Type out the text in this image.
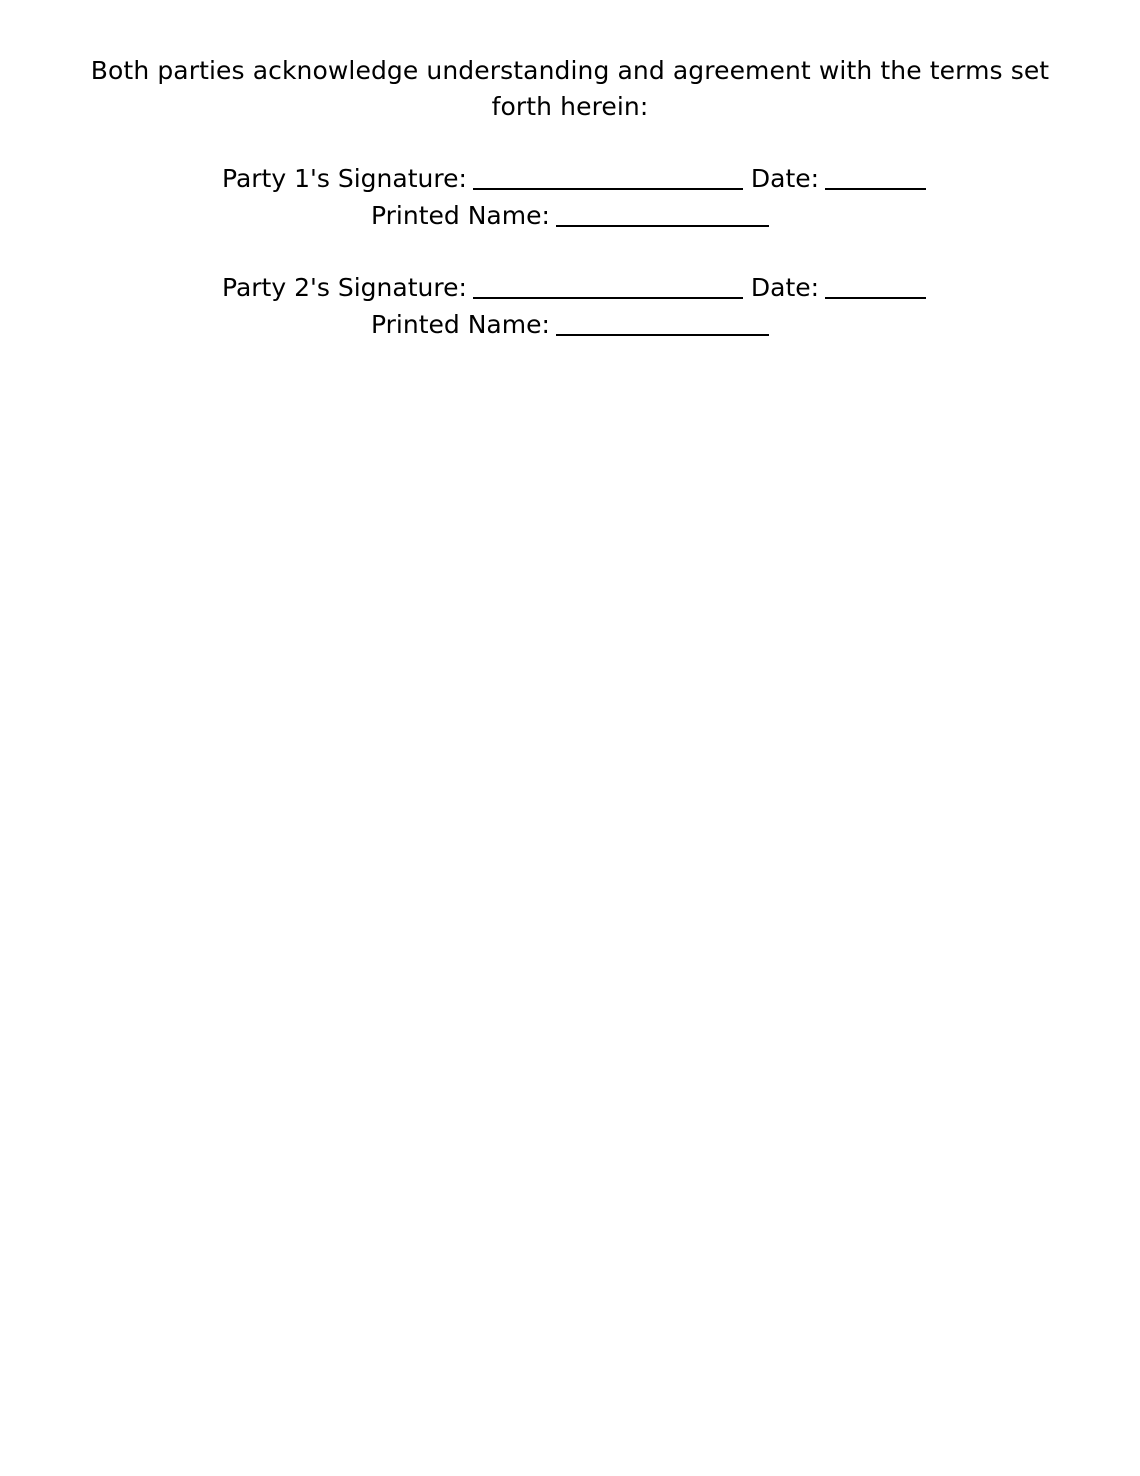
Both parties acknowledge understanding and agreement with the terms set forth herein:
Party 1's Signature:	Date:
Printed Name:
Party 2's Signature:	Date:
Printed Name:
